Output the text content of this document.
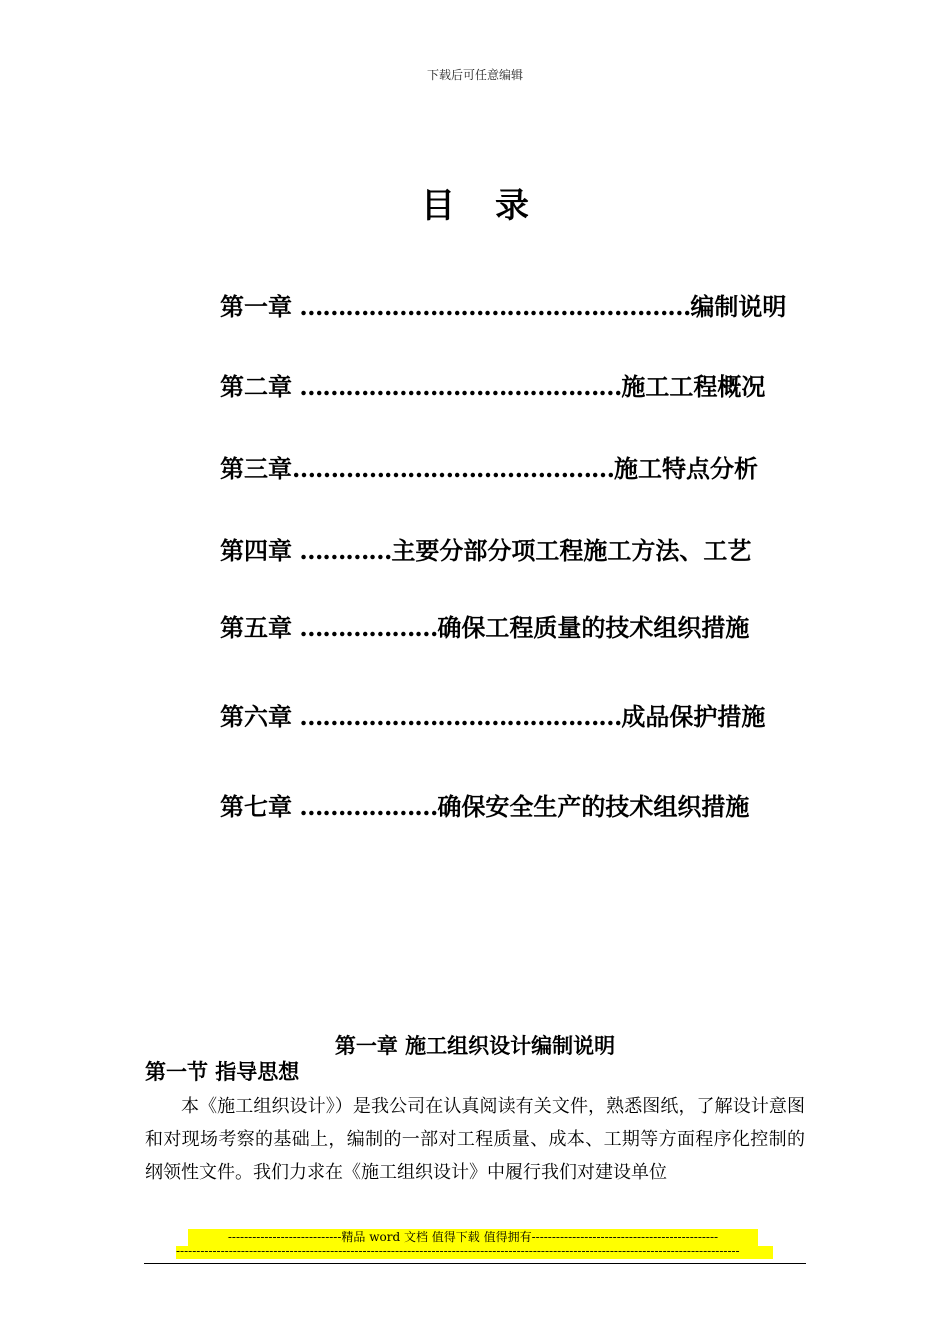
下载后可任意编辑
目录
第一章 ……………………………………………编制说明
第二章 ……………………………………施工工程概况
第三章……………………………………施工特点分析
第四章 …………主要分部分项工程施工方法、工艺
第五章 ………………确保工程质量的技术组织措施
第六章 ……………………………………成品保护措施
第七章 ………………确保安全生产的技术组织措施
第一章 施工组织设计编制说明
第一节 指导思想
本《施工组织设计》）是我公司在认真阅读有关文件，熟悉图纸，了解设计意图和对现场考察的基础上，编制的一部对工程质量、成本、工期等方面程序化控制的纲领性文件。我们力求在《施工组织设计》中履行我们对建设单位
----------------------------精品 word 文档 值得下载 值得拥有----------------------------------------------
-------------------------------------------------------------------------------------------------------------------------------------------
